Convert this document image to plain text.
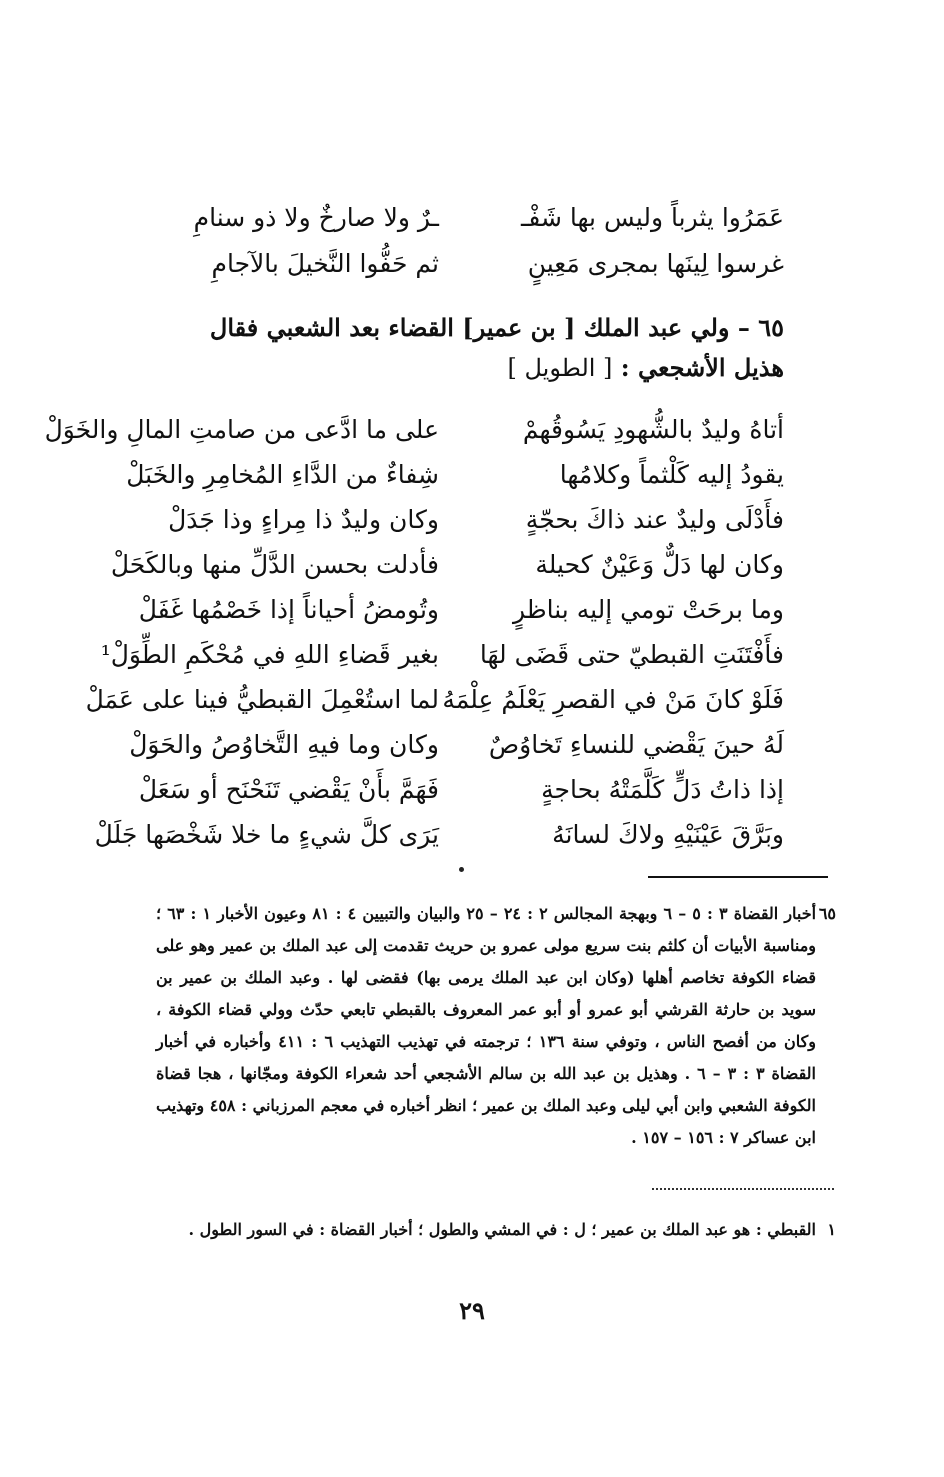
عَمَرُوا يثرباً وليس بها شَفْـ
ـرٌ ولا صارخٌ ولا ذو سنامِ
غرسوا لِينَها بمجرى مَعِينٍ
ثم حَفُّوا النَّخيلَ بالآجامِ
٦٥ – ولي عبد الملك [ بن عمير] القضاء بعد الشعبي فقال هذيل الأشجعي : [ الطويل ]
أتاهُ وليدٌ بالشُّهودِ يَسُوقُهمْ
على ما ادَّعى من صامتِ المالِ والخَوَلْ
يقودُ إليه كَلْثماً وكلامُها
شِفاءٌ من الدَّاءِ المُخامِرِ والخَبَلْ
فأَدْلَى وليدٌ عند ذاكَ بحجّةٍ
وكان وليدٌ ذا مِراءٍ وذا جَدَلْ
وكان لها دَلٌّ وَعَيْنٌ كحيلة
فأدلت بحسن الدَّلِّ منها وبالكَحَلْ
وما برحَتْ تومي إليه بناظرٍ
وتُومضُ أحياناً إذا خَصْمُها غَفَلْ
فأَفْتَنَتِ القبطيّ حتى قَضَى لهَا
بغير قَضاءِ اللهِ في مُحْكَمِ الطِّوَلْ¹
فَلَوْ كانَ مَنْ في القصرِ يَعْلَمُ عِلْمَهُ
لما استُعْمِلَ القبطيُّ فينا على عَمَلْ
لَهُ حينَ يَقْضي للنساءِ تَخاوُصٌ
وكان وما فيهِ التَّخاوُصُ والحَوَلْ
إذا ذاتُ دَلٍّ كَلَّمَتْهُ بحاجةٍ
فَهَمَّ بأَنْ يَقْضي تَنَحْنَح أو سَعَلْ
وبَرَّقَ عَيْنَيْهِ ولاكَ لسانَهُ
يَرَى كلَّ شيءٍ ما خلا شَخْصَها جَلَلْ
٦٥
أخبار القضاة ٣ : ٥ – ٦ وبهجة المجالس ٢ : ٢٤ – ٢٥ والبيان والتبيين ٤ : ٨١ وعيون الأخبار ١ : ٦٣ ؛ ومناسبة الأبيات أن كلثم بنت سريع مولى عمرو بن حريث تقدمت إلى عبد الملك بن عمير وهو على قضاء الكوفة تخاصم أهلها (وكان ابن عبد الملك يرمى بها) فقضى لها . وعبد الملك بن عمير بن سويد بن حارثة القرشي أبو عمرو أو أبو عمر المعروف بالقبطي تابعي حدّث وولي قضاء الكوفة ، وكان من أفصح الناس ، وتوفي سنة ١٣٦ ؛ ترجمته في تهذيب التهذيب ٦ : ٤١١ وأخباره في أخبار القضاة ٣ : ٣ – ٦ . وهذيل بن عبد الله بن سالم الأشجعي أحد شعراء الكوفة ومجّانها ، هجا قضاة الكوفة الشعبي وابن أبي ليلى وعبد الملك بن عمير ؛ انظر أخباره في معجم المرزباني : ٤٥٨ وتهذيب ابن عساكر ٧ : ١٥٦ – ١٥٧ .
١
القبطي : هو عبد الملك بن عمير ؛ ل : في المشي والطول ؛ أخبار القضاة : في السور الطول .
٢٩
